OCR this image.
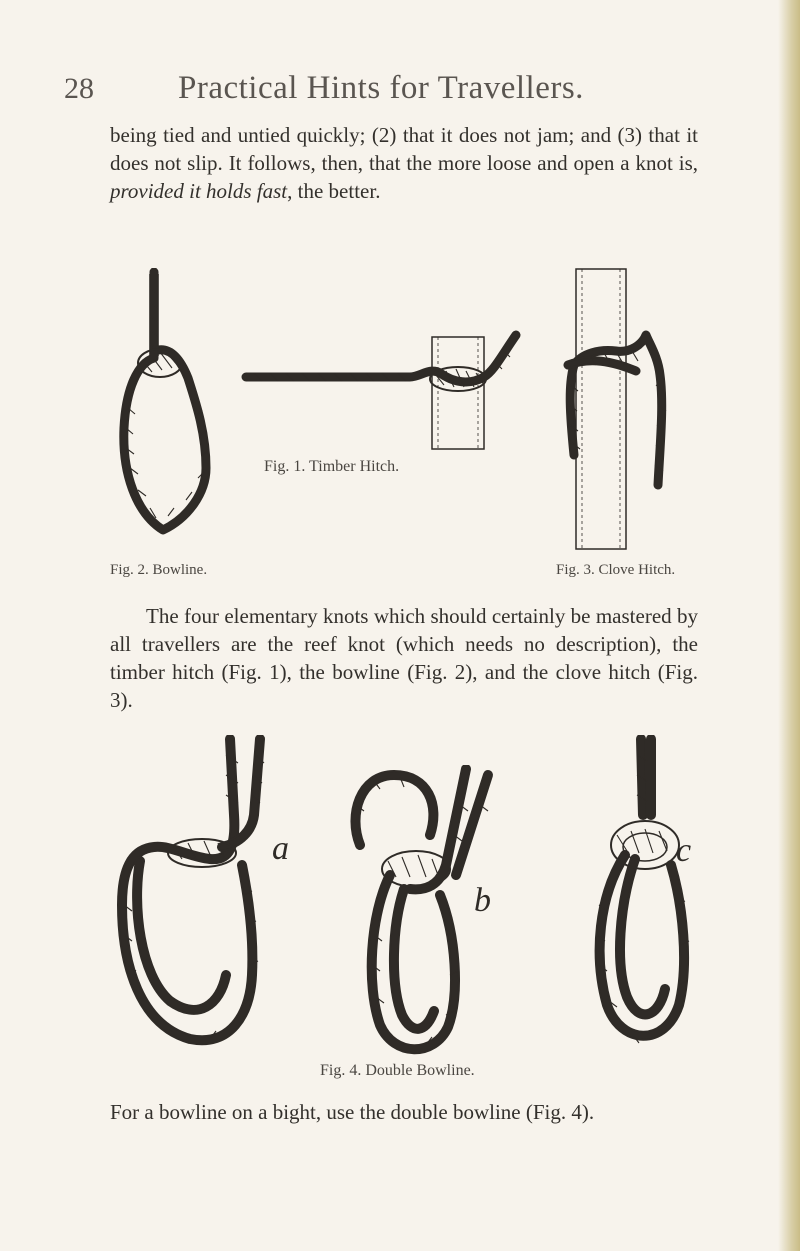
28	Practical Hints for Travellers.

being tied and untied quickly; (2) that it does not jam; and (3) that it does not slip. It follows, then, that the more loose and open a knot is, provided it holds fast, the better.

Fig. 2. Bowline.
Fig. 1. Timber Hitch.
Fig. 3. Clove Hitch.

The four elementary knots which should certainly be mastered by all travellers are the reef knot (which needs no description), the timber hitch (Fig. 1), the bowline (Fig. 2), and the clove hitch (Fig. 3).

a
b
c
Fig. 4. Double Bowline.

For a bowline on a bight, use the double bowline (Fig. 4).
